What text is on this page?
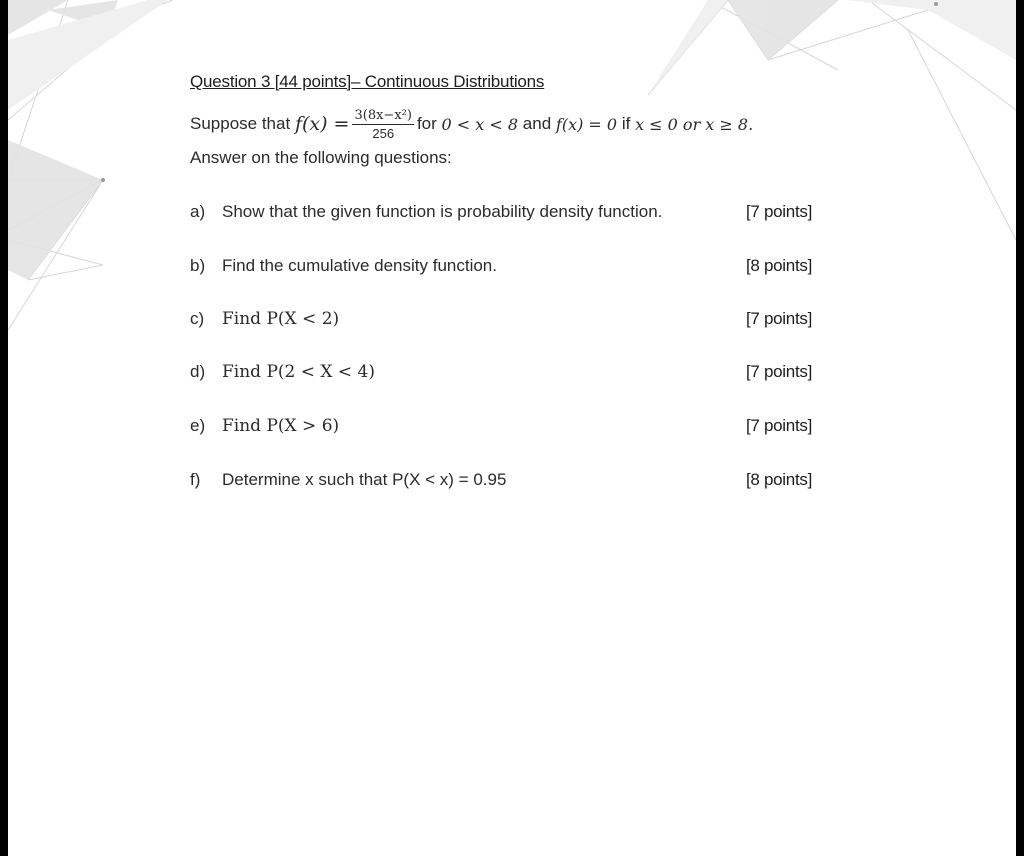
Question 3 [44 points]– Continuous Distributions
Suppose that
$f(x) = \frac{\text{3(8x−x²)}}{256}$ for
0 < x < 8
and
f(x) = 0
if
x ≤ 0 or x ≥ 8.
Answer on the following questions:
a) Show that the given function is probability density function.	[7 points]
b) Find the cumulative density function.	[8 points]
c)	Find P(X < 2)	[7 points]
d) Find P(2 < X < 4)	[7 points]
e) Find P(X > 6)	[7 points]
f)	Determine x such that P(X < x) = 0.95	[8 points]
